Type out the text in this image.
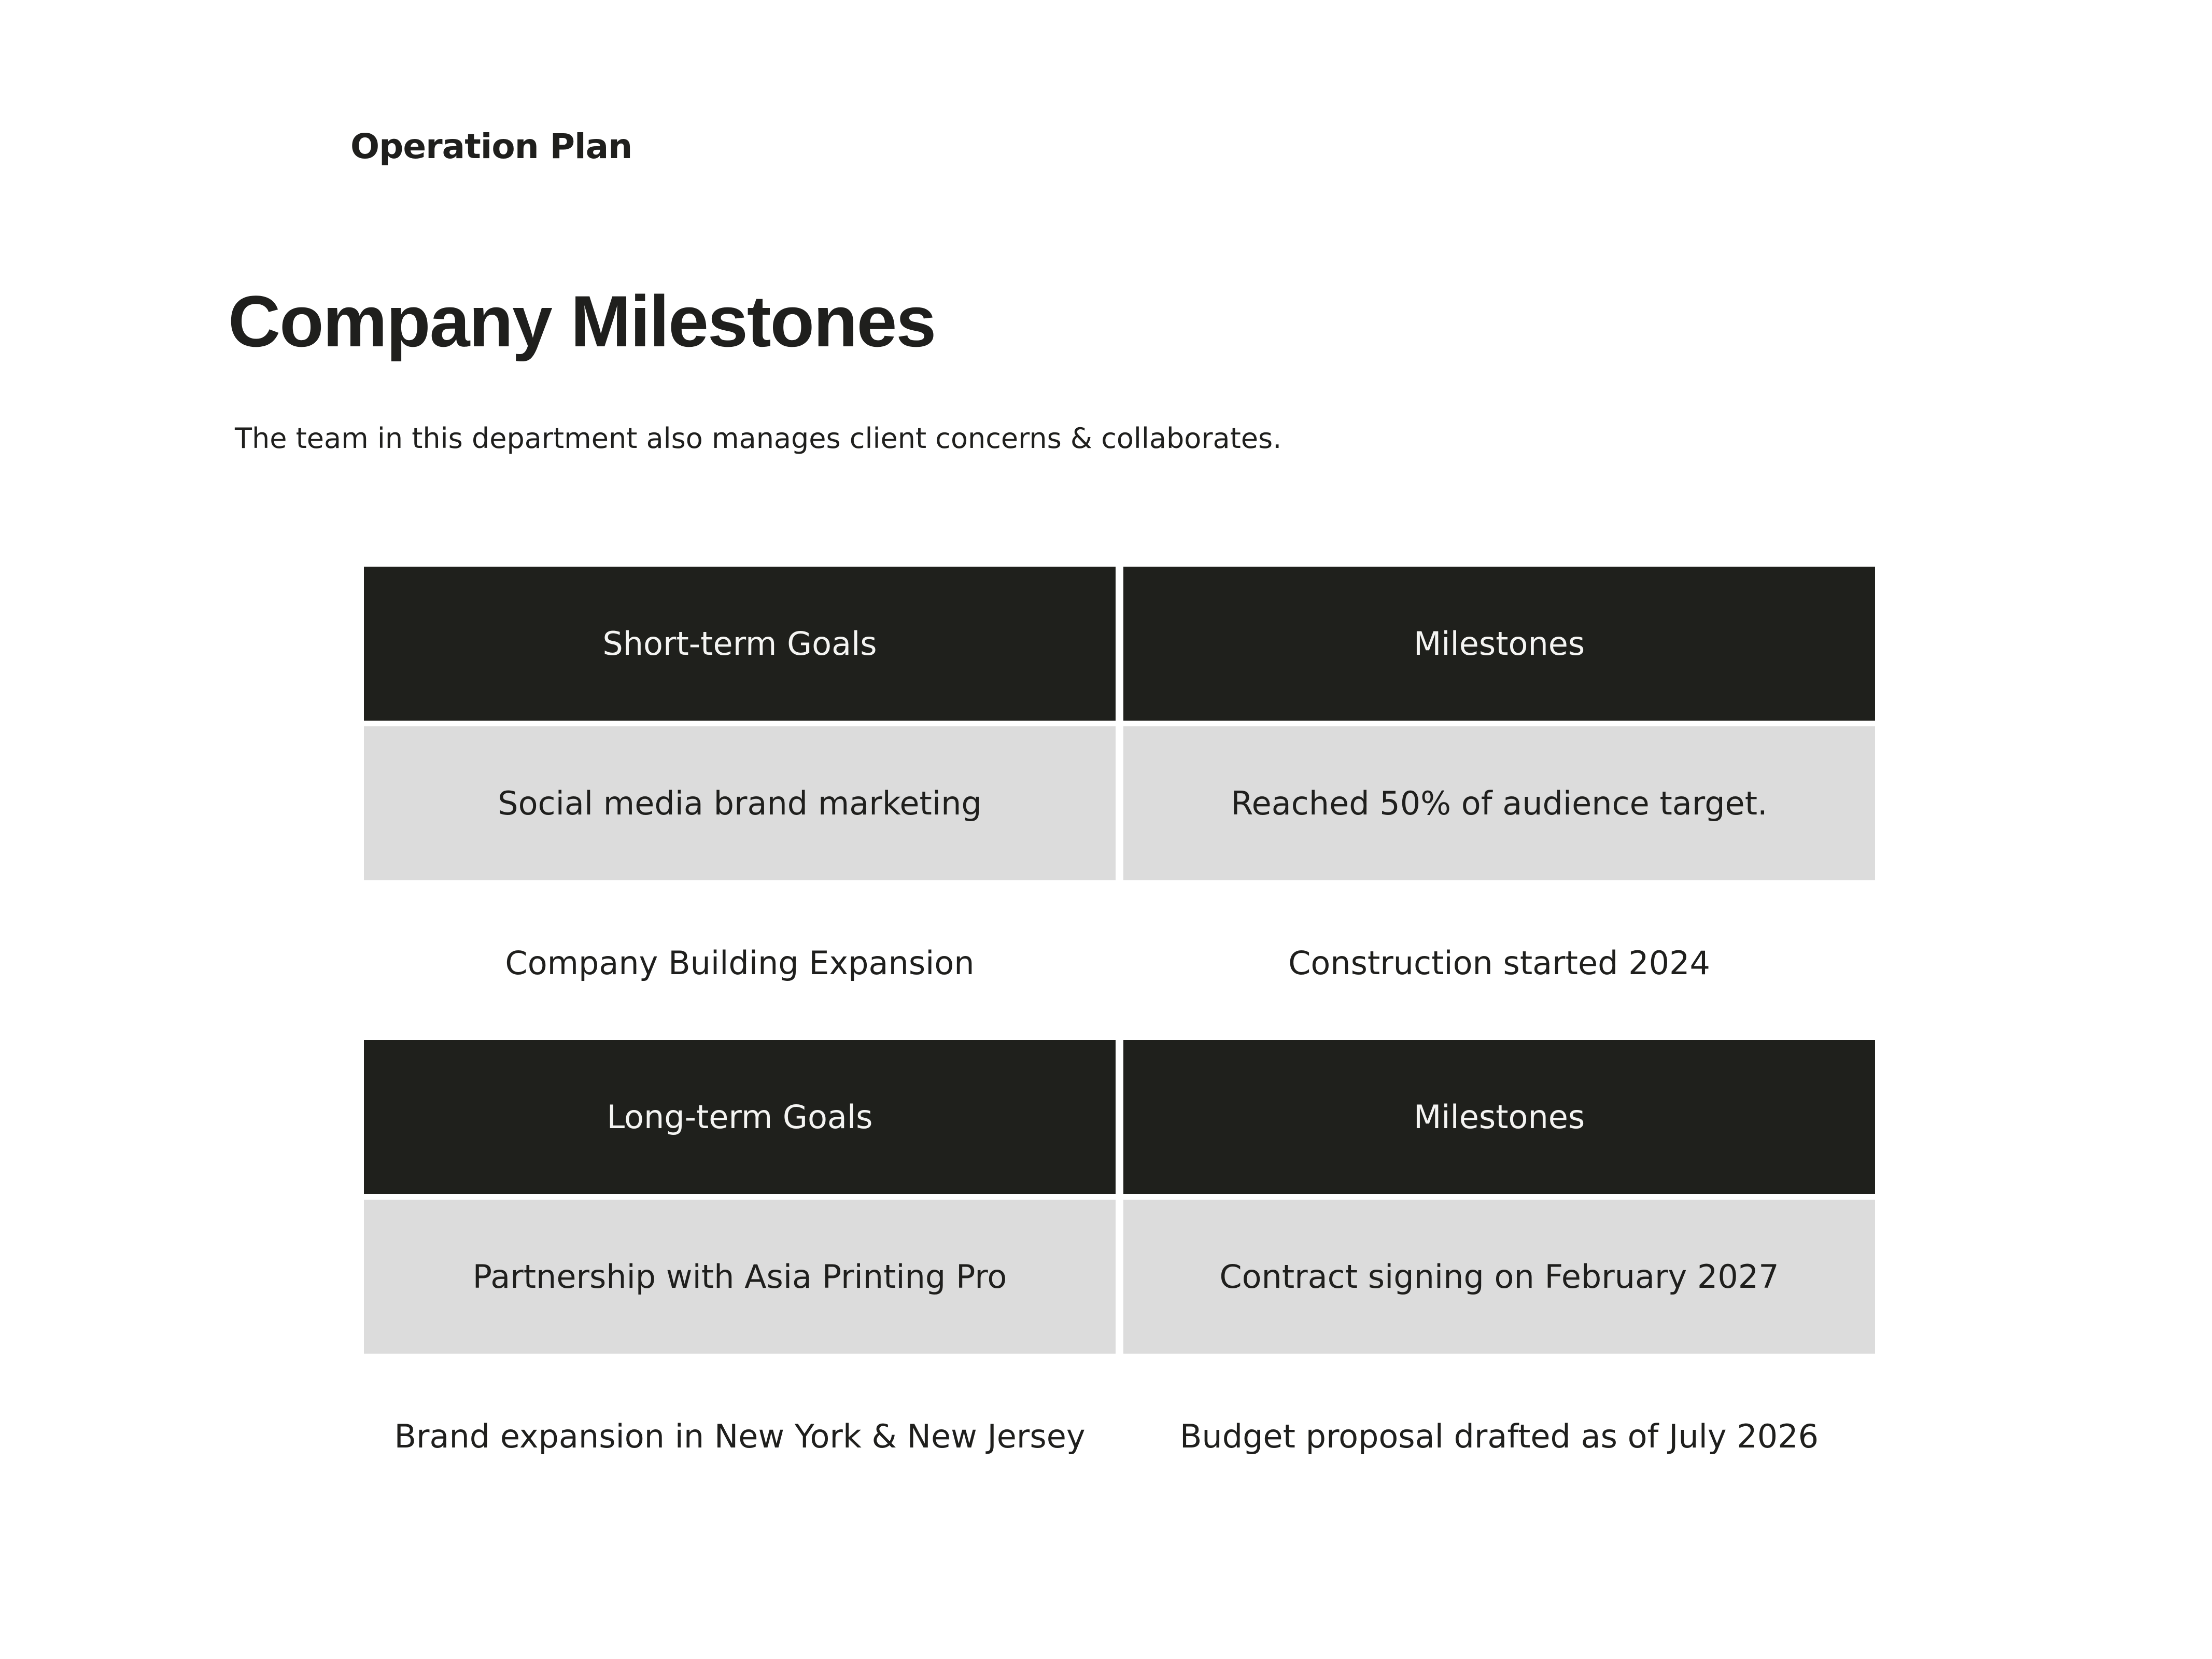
Operation Plan
Company Milestones

The team in this department also manages client concerns & collaborates.

Short-term Goals	Milestones
Social media brand marketing	Reached 50% of audience target.
Company Building Expansion	Construction started 2024
Long-term Goals	Milestones
Partnership with Asia Printing Pro	Contract signing on February 2027
Brand expansion in New York & New Jersey	Budget proposal drafted as of July 2026
